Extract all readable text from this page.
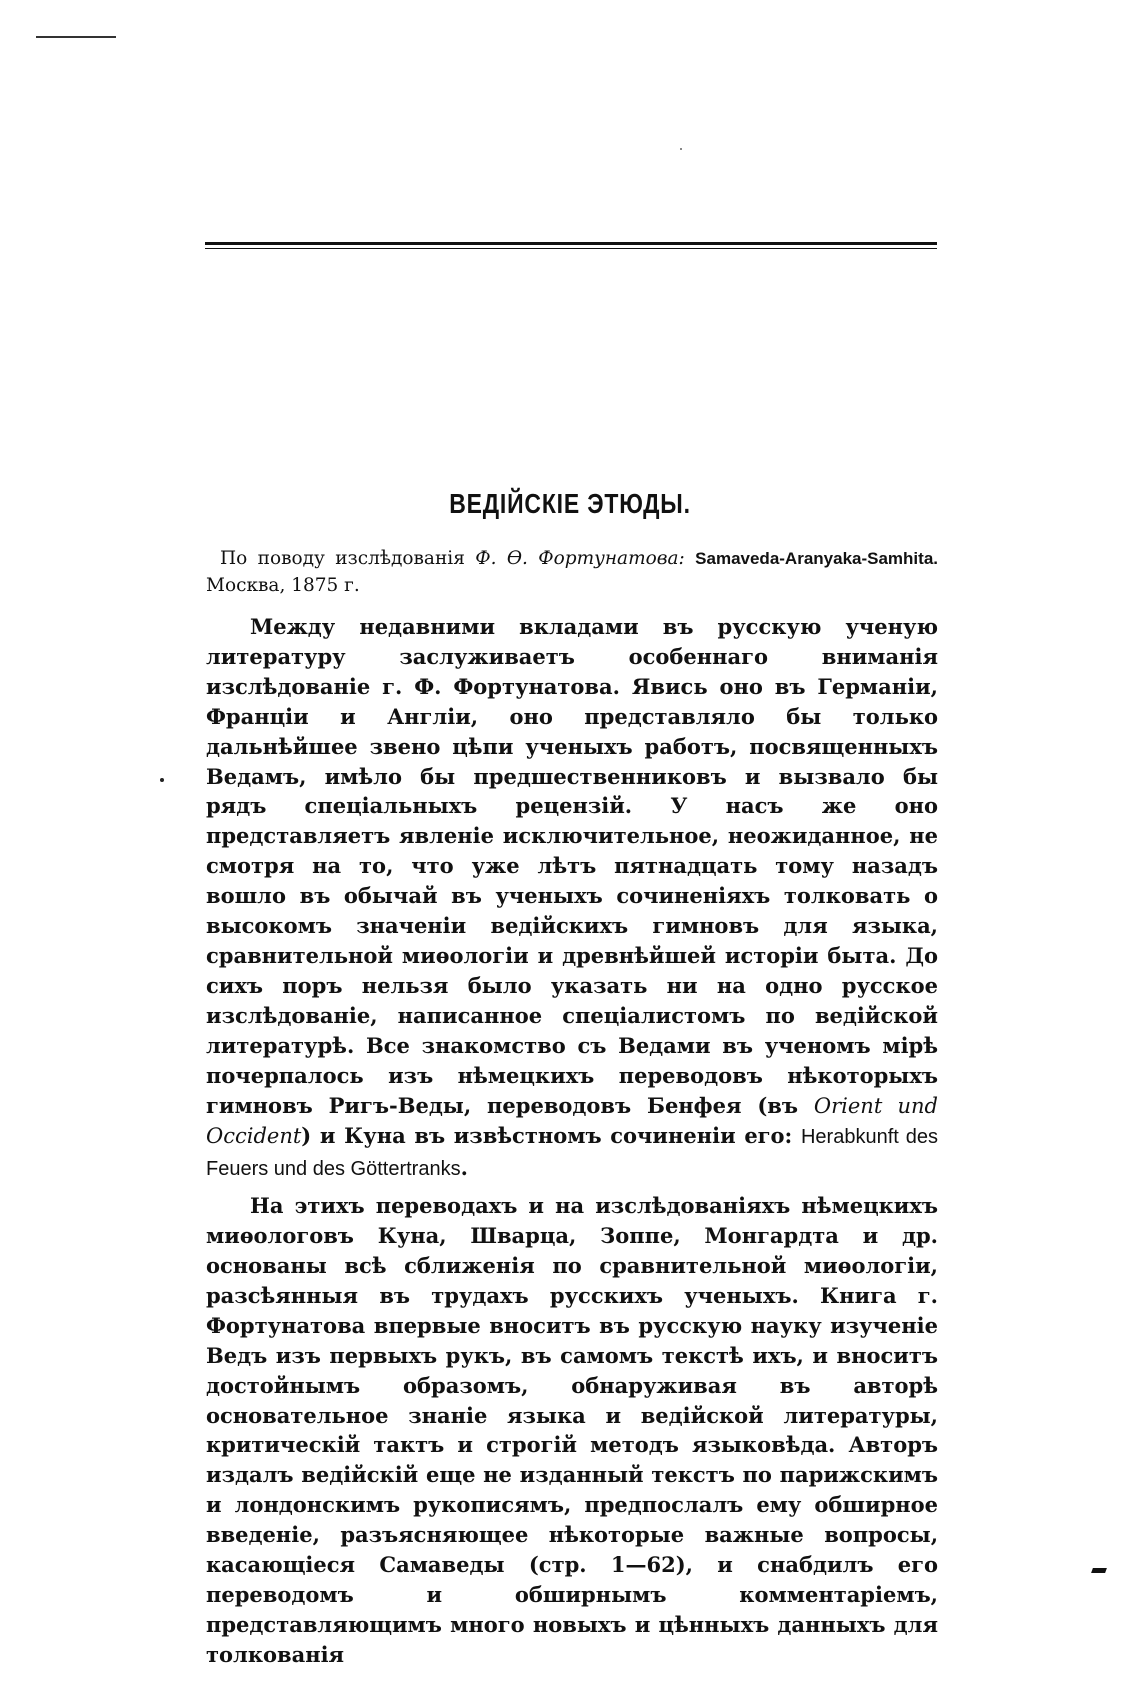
ВЕДІЙСКІЕ ЭТЮДЫ.
По поводу изслѣдованія Ф. Ѳ. Фортунатова: Samaveda-Aranyaka-Samhita. Москва, 1875 г.

Между недавними вкладами въ русскую ученую литературу заслуживаетъ особеннаго вниманія изслѣдованіе г. Ф. Фортунатова. Явись оно въ Германіи, Франціи и Англіи, оно представляло бы только дальнѣйшее звено цѣпи ученыхъ работъ, посвященныхъ Ведамъ, имѣло бы предшественниковъ и вызвало бы рядъ спеціальныхъ рецензій. У насъ же оно представляетъ явленіе исключительное, неожиданное, не смотря на то, что уже лѣтъ пятнадцать тому назадъ вошло въ обычай въ ученыхъ сочиненіяхъ толковать о высокомъ значеніи ведійскихъ гимновъ для языка, сравнительной миѳологіи и древнѣйшей исторіи быта. До сихъ поръ нельзя было указать ни на одно русское изслѣдованіе, написанное спеціалистомъ по ведійской литературѣ. Все знакомство съ Ведами въ ученомъ мірѣ почерпалось изъ нѣмецкихъ переводовъ нѣкоторыхъ гимновъ Ригъ-Веды, переводовъ Бенфея (въ Orient und Occident) и Куна въ извѣстномъ сочиненіи его: Herabkunft des Feuers und des Göttertranks.

На этихъ переводахъ и на изслѣдованіяхъ нѣмецкихъ миѳологовъ Куна, Шварца, Зоппе, Монгардта и др. основаны всѣ сближенія по сравнительной миѳологіи, разсѣянныя въ трудахъ русскихъ ученыхъ. Книга г. Фортунатова впервые вноситъ въ русскую науку изученіе Ведъ изъ первыхъ рукъ, въ самомъ текстѣ ихъ, и вноситъ достойнымъ образомъ, обнаруживая въ авторѣ основательное знаніе языка и ведійской литературы, критическій тактъ и строгій методъ языковѣда. Авторъ издалъ ведійскій еще не изданный текстъ по парижскимъ и лондонскимъ рукописямъ, предпослалъ ему обширное введеніе, разъясняющее нѣкоторые важные вопросы, касающіеся Самаведы (стр. 1—62), и снабдилъ его переводомъ и обширнымъ комментаріемъ, представляющимъ много новыхъ и цѣнныхъ данныхъ для толкованія
